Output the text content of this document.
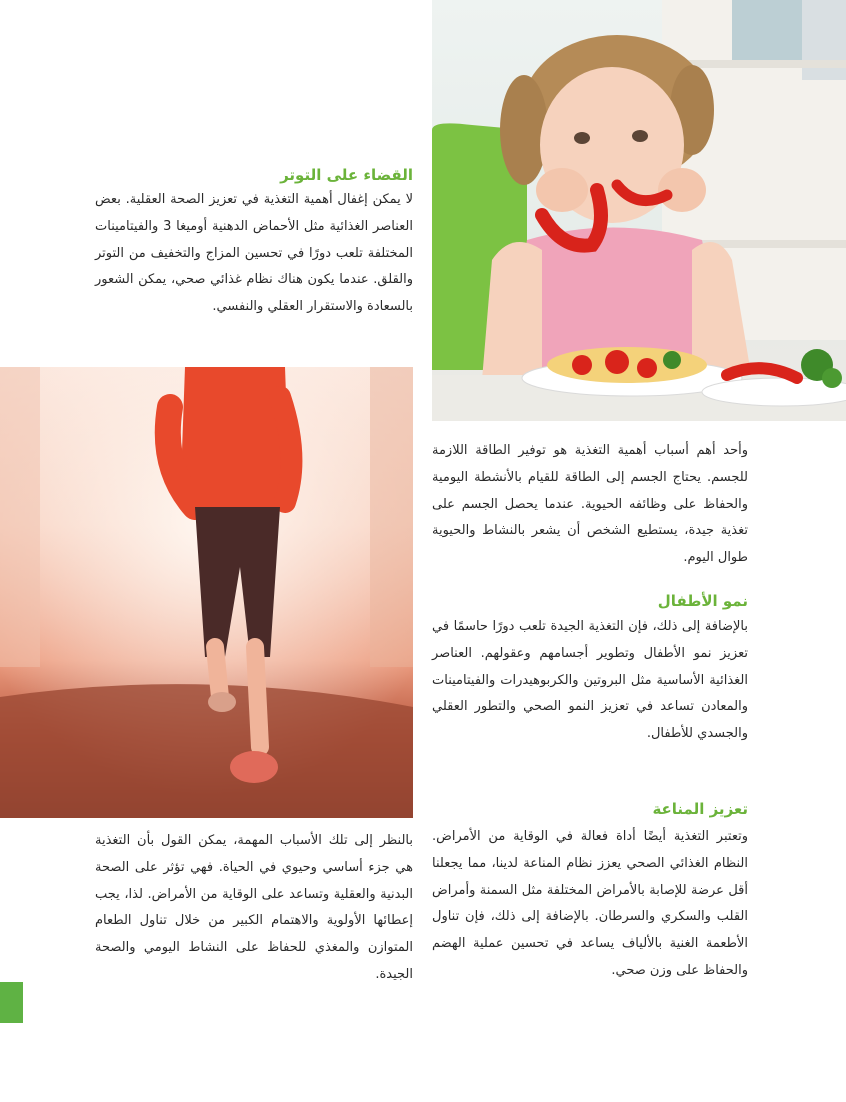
القضاء على التوتر

لا يمكن إغفال أهمية التغذية في تعزيز الصحة العقلية. بعض العناصر الغذائية مثل الأحماض الدهنية أوميغا 3 والفيتامينات المختلفة تلعب دورًا في تحسين المزاج والتخفيف من التوتر والقلق. عندما يكون هناك نظام غذائي صحي، يمكن الشعور بالسعادة والاستقرار العقلي والنفسي.

وأحد أهم أسباب أهمية التغذية هو توفير الطاقة اللازمة للجسم. يحتاج الجسم إلى الطاقة للقيام بالأنشطة اليومية والحفاظ على وظائفه الحيوية. عندما يحصل الجسم على تغذية جيدة، يستطيع الشخص أن يشعر بالنشاط والحيوية طوال اليوم.

نمو الأطفال

بالإضافة إلى ذلك، فإن التغذية الجيدة تلعب دورًا حاسمًا في تعزيز نمو الأطفال وتطوير أجسامهم وعقولهم. العناصر الغذائية الأساسية مثل البروتين والكربوهيدرات والفيتامينات والمعادن تساعد في تعزيز النمو الصحي والتطور العقلي والجسدي للأطفال.

تعزيز المناعة

وتعتبر التغذية أيضًا أداة فعالة في الوقاية من الأمراض. النظام الغذائي الصحي يعزز نظام المناعة لدينا، مما يجعلنا أقل عرضة للإصابة بالأمراض المختلفة مثل السمنة وأمراض القلب والسكري والسرطان. بالإضافة إلى ذلك، فإن تناول الأطعمة الغنية بالألياف يساعد في تحسين عملية الهضم والحفاظ على وزن صحي.

بالنظر إلى تلك الأسباب المهمة، يمكن القول بأن التغذية هي جزء أساسي وحيوي في الحياة. فهي تؤثر على الصحة البدنية والعقلية وتساعد على الوقاية من الأمراض. لذا، يجب إعطائها الأولوية والاهتمام الكبير من خلال تناول الطعام المتوازن والمغذي للحفاظ على النشاط اليومي والصحة الجيدة.
